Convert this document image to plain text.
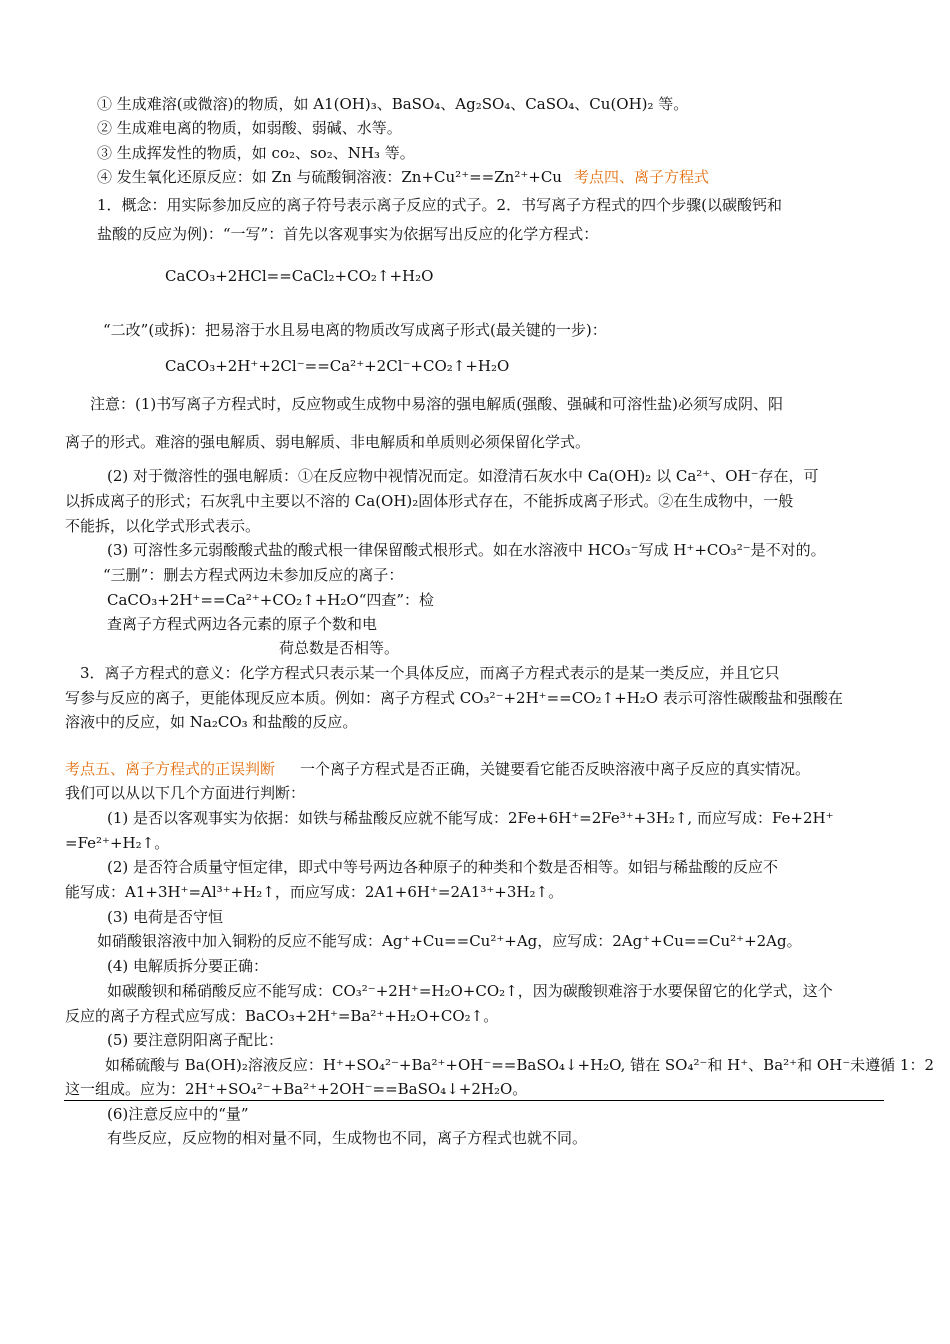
① 生成难溶(或微溶)的物质，如 A1(OH)₃、BaSO₄、Ag₂SO₄、CaSO₄、Cu(OH)₂ 等。
② 生成难电离的物质，如弱酸、弱碱、水等。
③ 生成挥发性的物质，如 co₂、so₂、NH₃ 等。
④ 发生氧化还原反应：如 Zn 与硫酸铜溶液：Zn+Cu²⁺==Zn²⁺+Cu 考点四、离子方程式
1．概念：用实际参加反应的离子符号表示离子反应的式子。2．书写离子方程式的四个步骤(以碳酸钙和
盐酸的反应为例)：“一写”：首先以客观事实为依据写出反应的化学方程式：
CaCO₃+2HCl==CaCl₂+CO₂↑+H₂O
“二改”(或拆)：把易溶于水且易电离的物质改写成离子形式(最关键的一步)：
CaCO₃+2H⁺+2Cl⁻==Ca²⁺+2Cl⁻+CO₂↑+H₂O
注意：(1)书写离子方程式时，反应物或生成物中易溶的强电解质(强酸、强碱和可溶性盐)必须写成阴、阳
离子的形式。难溶的强电解质、弱电解质、非电解质和单质则必须保留化学式。
(2) 对于微溶性的强电解质：①在反应物中视情况而定。如澄清石灰水中 Ca(OH)₂ 以 Ca²⁺、OH⁻存在，可
以拆成离子的形式；石灰乳中主要以不溶的 Ca(OH)₂固体形式存在，不能拆成离子形式。②在生成物中，一般
不能拆，以化学式形式表示。
(3) 可溶性多元弱酸酸式盐的酸式根一律保留酸式根形式。如在水溶液中 HCO₃⁻写成 H⁺+CO₃²⁻是不对的。
“三删”：删去方程式两边未参加反应的离子：
CaCO₃+2H⁺==Ca²⁺+CO₂↑+H₂O“四查”：检
查离子方程式两边各元素的原子个数和电
荷总数是否相等。
3．离子方程式的意义：化学方程式只表示某一个具体反应，而离子方程式表示的是某一类反应，并且它只
写参与反应的离子，更能体现反应本质。例如：离子方程式 CO₃²⁻+2H⁺==CO₂↑+H₂O 表示可溶性碳酸盐和强酸在
溶液中的反应，如 Na₂CO₃ 和盐酸的反应。
考点五、离子方程式的正误判断 一个离子方程式是否正确，关键要看它能否反映溶液中离子反应的真实情况。
我们可以从以下几个方面进行判断：
(1) 是否以客观事实为依据：如铁与稀盐酸反应就不能写成：2Fe+6H⁺=2Fe³⁺+3H₂↑, 而应写成：Fe+2H⁺
=Fe²⁺+H₂↑。
(2) 是否符合质量守恒定律，即式中等号两边各种原子的种类和个数是否相等。如铝与稀盐酸的反应不
能写成：A1+3H⁺=Al³⁺+H₂↑，而应写成：2A1+6H⁺=2A1³⁺+3H₂↑。
(3) 电荷是否守恒
如硝酸银溶液中加入铜粉的反应不能写成：Ag⁺+Cu==Cu²⁺+Ag，应写成：2Ag⁺+Cu==Cu²⁺+2Ag。
(4) 电解质拆分要正确：
如碳酸钡和稀硝酸反应不能写成：CO₃²⁻+2H⁺=H₂O+CO₂↑，因为碳酸钡难溶于水要保留它的化学式，这个
反应的离子方程式应写成：BaCO₃+2H⁺=Ba²⁺+H₂O+CO₂↑。
(5) 要注意阴阳离子配比：
如稀硫酸与 Ba(OH)₂溶液反应：H⁺+SO₄²⁻+Ba²⁺+OH⁻==BaSO₄↓+H₂O, 错在 SO₄²⁻和 H⁺、Ba²⁺和 OH⁻未遵循 1：2
这一组成。应为：2H⁺+SO₄²⁻+Ba²⁺+2OH⁻==BaSO₄↓+2H₂O。
(6)注意反应中的“量”
有些反应，反应物的相对量不同，生成物也不同，离子方程式也就不同。
